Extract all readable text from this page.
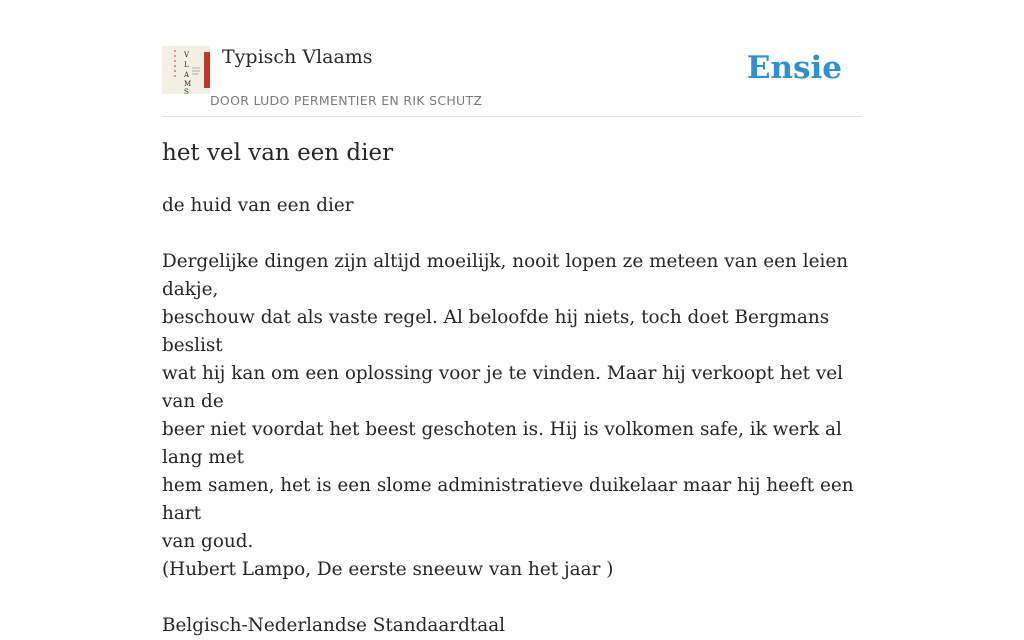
V
L
A
M
S
Typisch Vlaams
DOOR LUDO PERMENTIER EN RIK SCHUTZ
Ensie
het vel van een dier

de huid van een dier

Dergelijke dingen zijn altijd moeilijk, nooit lopen ze meteen van een leien dakje,

beschouw dat als vaste regel. Al beloofde hij niets, toch doet Bergmans beslist

wat hij kan om een oplossing voor je te vinden. Maar hij verkoopt het vel van de

beer niet voordat het beest geschoten is. Hij is volkomen safe, ik werk al lang met

hem samen, het is een slome administratieve duikelaar maar hij heeft een hart

van goud.

(Hubert Lampo, De eerste sneeuw van het jaar )

Belgisch-Nederlandse Standaardtaal
